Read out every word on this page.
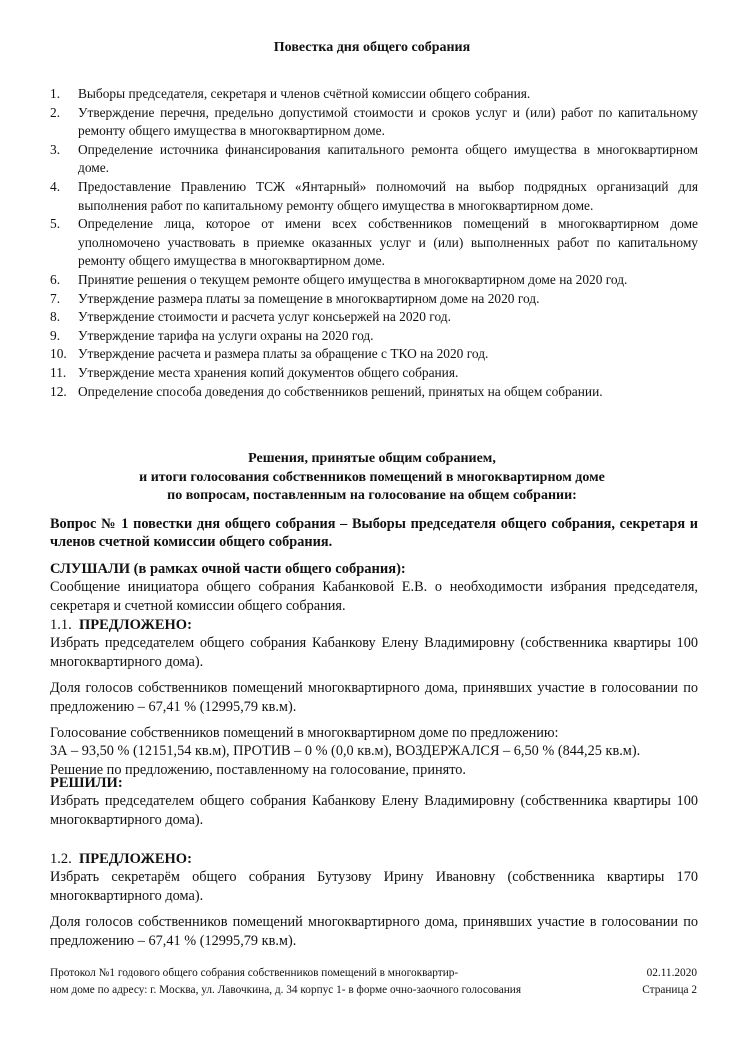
Повестка дня общего собрания
1.	Выборы председателя, секретаря и членов счётной комиссии общего собрания.
2.	Утверждение перечня, предельно допустимой стоимости и сроков услуг и (или) работ по капитальному ремонту общего имущества в многоквартирном доме.
3.	Определение источника финансирования капитального ремонта общего имущества в многоквартирном доме.
4.	Предоставление Правлению ТСЖ «Янтарный» полномочий на выбор подрядных организаций для выполнения работ по капитальному ремонту общего имущества в многоквартирном доме.
5.	Определение лица, которое от имени всех собственников помещений в многоквартирном доме уполномочено участвовать в приемке оказанных услуг и (или) выполненных работ по капитальному ремонту общего имущества в многоквартирном доме.
6.	Принятие решения о текущем ремонте общего имущества в многоквартирном доме на 2020 год.
7.	Утверждение размера платы за помещение в многоквартирном доме на 2020 год.
8.	Утверждение стоимости и расчета услуг консьержей на 2020 год.
9.	Утверждение тарифа на услуги охраны на 2020 год.
10. Утверждение расчета и размера платы за обращение с ТКО на 2020 год.
11. Утверждение места хранения копий документов общего собрания.
12. Определение способа доведения до собственников решений, принятых на общем собрании.
Решения, принятые общим собранием,
и итоги голосования собственников помещений в многоквартирном доме
по вопросам, поставленным на голосование на общем собрании:
Вопрос № 1 повестки дня общего собрания – Выборы председателя общего собрания, секретаря и членов счетной комиссии общего собрания.
СЛУШАЛИ (в рамках очной части общего собрания):
Сообщение инициатора общего собрания Кабанковой Е.В. о необходимости избрания председателя, секретаря и счетной комиссии общего собрания.
1.1. ПРЕДЛОЖЕНО:
Избрать председателем общего собрания Кабанкову Елену Владимировну (собственника квартиры 100 многоквартирного дома).
Доля голосов собственников помещений многоквартирного дома, принявших участие в голосовании по предложению – 67,41 % (12995,79 кв.м).
Голосование собственников помещений в многоквартирном доме по предложению:
ЗА – 93,50 % (12151,54 кв.м), ПРОТИВ – 0 % (0,0 кв.м), ВОЗДЕРЖАЛСЯ – 6,50 % (844,25 кв.м).
Решение по предложению, поставленному на голосование, принято.
РЕШИЛИ:
Избрать председателем общего собрания Кабанкову Елену Владимировну (собственника квартиры 100 многоквартирного дома).
1.2. ПРЕДЛОЖЕНО:
Избрать секретарём общего собрания Бутузову Ирину Ивановну (собственника квартиры 170 многоквартирного дома).
Доля голосов собственников помещений многоквартирного дома, принявших участие в голосовании по предложению – 67,41 % (12995,79 кв.м).
Протокол №1 годового общего собрания собственников помещений в многоквартир-
ном доме по адресу: г. Москва, ул. Лавочкина, д. 34 корпус 1- в форме очно-заочного голосования
02.11.2020
Страница 2
